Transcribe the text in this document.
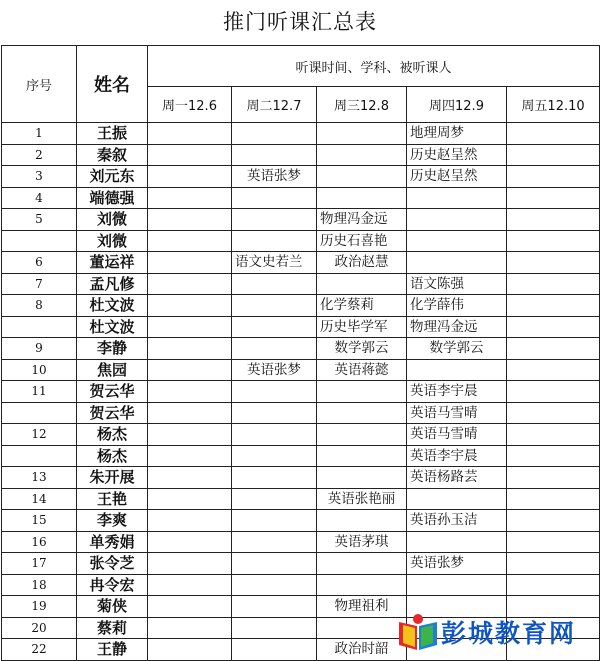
推门听课汇总表
序号	姓名	听课时间、学科、被听课人				
		周一12.6	周二12.7	周三12.8	周四12.9	周五12.10
1	王振				地理周梦	
2	秦叙				历史赵呈然	
3	刘元东		英语张梦		历史赵呈然	
4	端德强					
5	刘微			物理冯金远		
	刘微			历史石喜艳		
6	董运祥		语文史若兰	政治赵慧		
7	孟凡修				语文陈强	
8	杜文波			化学蔡莉	化学薛伟	
	杜文波			历史毕学军	物理冯金远	
9	李静			数学郭云	数学郭云	
10	焦园		英语张梦	英语蒋懿		
11	贺云华				英语李宇晨	
	贺云华				英语马雪晴	
12	杨杰				英语马雪晴	
	杨杰				英语李宇晨	
13	朱开展				英语杨路芸	
14	王艳			英语张艳丽		
15	李爽				英语孙玉洁	
16	单秀娟			英语茅琪		
17	张令芝				英语张梦	
18	冉令宏					
19	菊侠			物理祖利		
20	蔡莉					
22	王静			政治时韶		
彭城教育网
